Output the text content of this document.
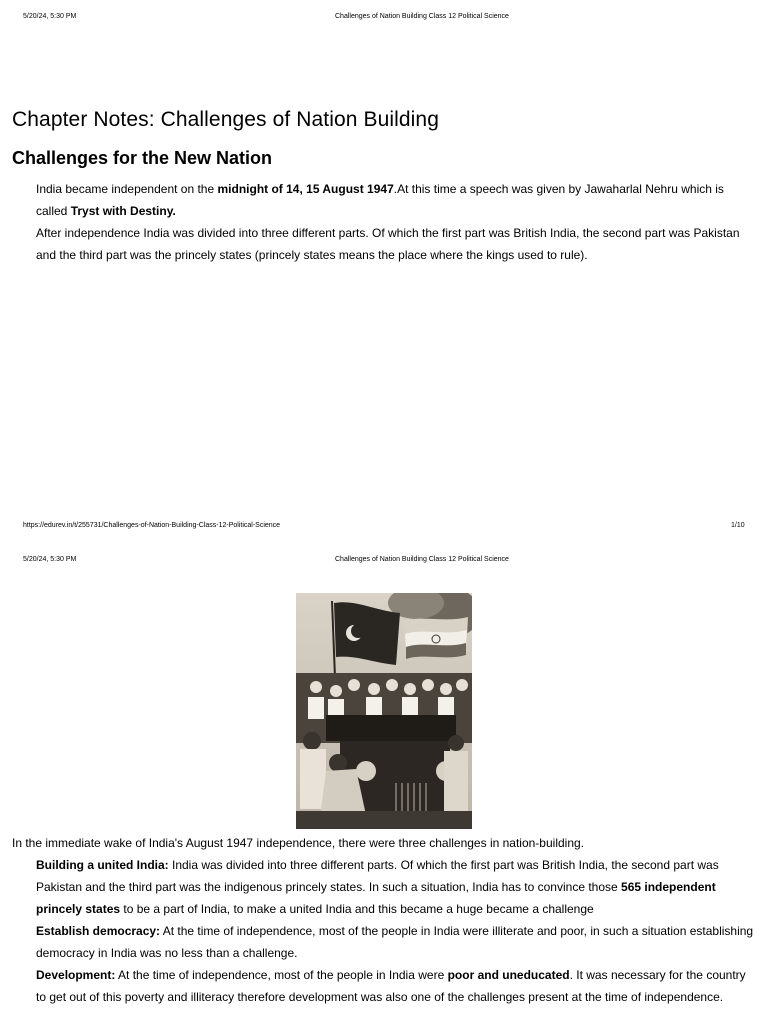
5/20/24, 5:30 PM	Challenges of Nation Building Class 12 Political Science
Chapter Notes: Challenges of Nation Building
Challenges for the New Nation
India became independent on the midnight of 14, 15 August 1947.At this time a speech was given by Jawaharlal Nehru which is called Tryst with Destiny.
After independence India was divided into three different parts. Of which the first part was British India, the second part was Pakistan and the third part was the princely states (princely states means the place where the kings used to rule).
https://edurev.in/t/255731/Challenges-of-Nation-Building-Class-12-Political-Science	1/10
5/20/24, 5:30 PM	Challenges of Nation Building Class 12 Political Science
In the immediate wake of India's August 1947 independence, there were three challenges in nation-building.
Building a united India: India was divided into three different parts. Of which the first part was British India, the second part was Pakistan and the third part was the indigenous princely states. In such a situation, India has to convince those 565 independent princely states to be a part of India, to make a united India and this became a huge became a challenge
Establish democracy: At the time of independence, most of the people in India were illiterate and poor, in such a situation establishing democracy in India was no less than a challenge.
Development: At the time of independence, most of the people in India were poor and uneducated. It was necessary for the country to get out of this poverty and illiteracy therefore development was also one of the challenges present at the time of independence.
